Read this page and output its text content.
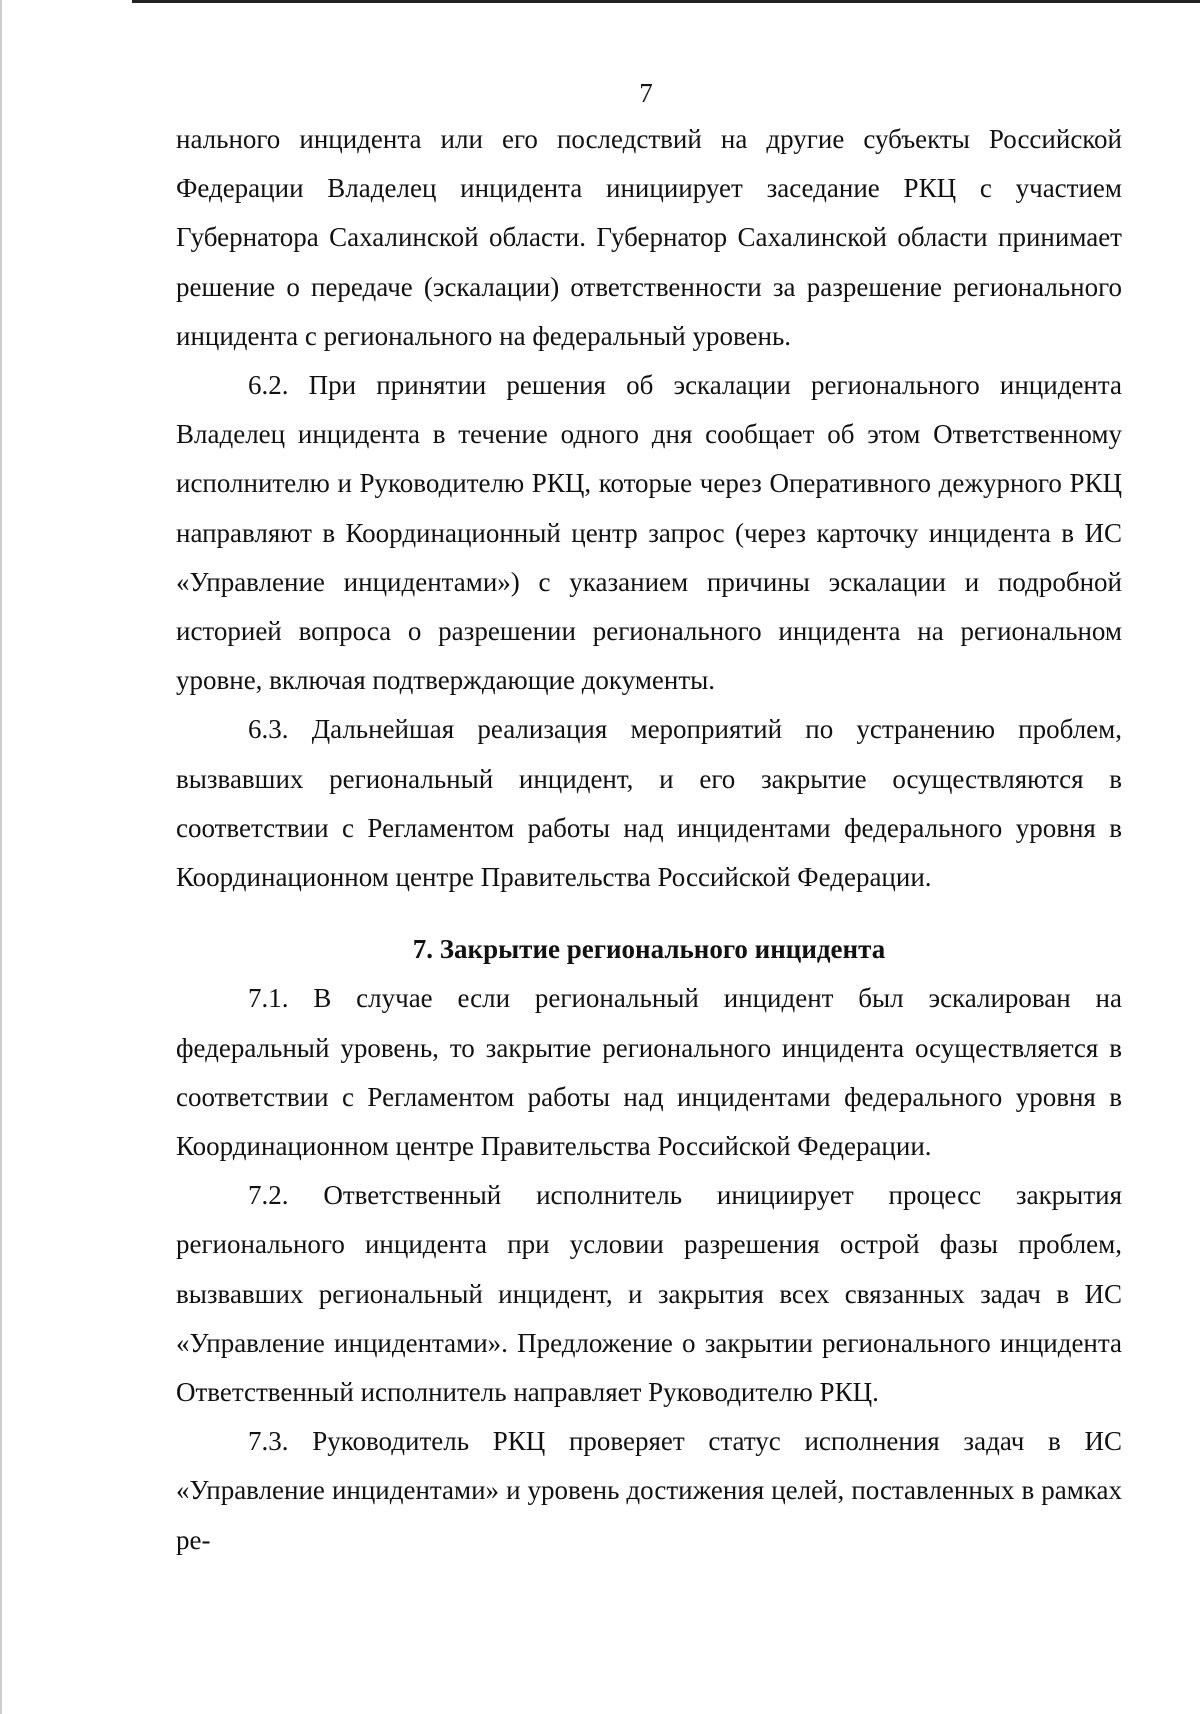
7

нального инцидента или его последствий на другие субъекты Российской Федерации Владелец инцидента инициирует заседание РКЦ с участием Губернатора Сахалинской области. Губернатор Сахалинской области принимает решение о передаче (эскалации) ответственности за разрешение регионального инцидента с регионального на федеральный уровень.

6.2. При принятии решения об эскалации регионального инцидента Владелец инцидента в течение одного дня сообщает об этом Ответственному исполнителю и Руководителю РКЦ, которые через Оперативного дежурного РКЦ направляют в Координационный центр запрос (через карточку инцидента в ИС «Управление инцидентами») с указанием причины эскалации и подробной историей вопроса о разрешении регионального инцидента на региональном уровне, включая подтверждающие документы.

6.3. Дальнейшая реализация мероприятий по устранению проблем, вызвавших региональный инцидент, и его закрытие осуществляются в соответствии с Регламентом работы над инцидентами федерального уровня в Координационном центре Правительства Российской Федерации.

7. Закрытие регионального инцидента

7.1. В случае если региональный инцидент был эскалирован на федеральный уровень, то закрытие регионального инцидента осуществляется в соответствии с Регламентом работы над инцидентами федерального уровня в Координационном центре Правительства Российской Федерации.

7.2. Ответственный исполнитель инициирует процесс закрытия регионального инцидента при условии разрешения острой фазы проблем, вызвавших региональный инцидент, и закрытия всех связанных задач в ИС «Управление инцидентами». Предложение о закрытии регионального инцидента Ответственный исполнитель направляет Руководителю РКЦ.

7.3. Руководитель РКЦ проверяет статус исполнения задач в ИС «Управление инцидентами» и уровень достижения целей, поставленных в рамках ре-
